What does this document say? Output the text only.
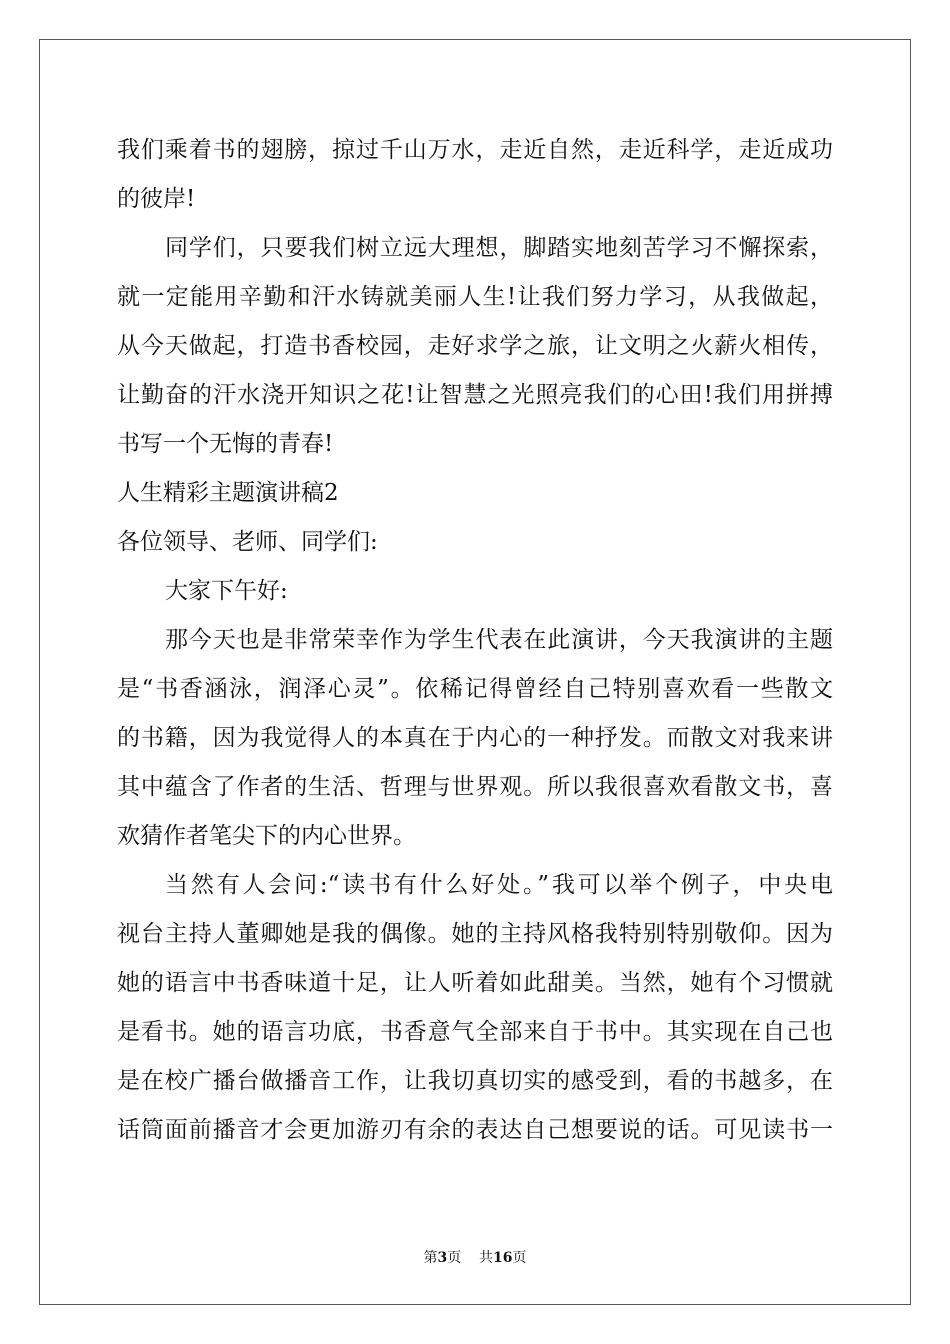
我们乘着书的翅膀，掠过千山万水，走近自然，走近科学，走近成功
的彼岸!
同学们，只要我们树立远大理想，脚踏实地刻苦学习不懈探索，
就一定能用辛勤和汗水铸就美丽人生!让我们努力学习，从我做起，
从今天做起，打造书香校园，走好求学之旅，让文明之火薪火相传，
让勤奋的汗水浇开知识之花!让智慧之光照亮我们的心田!我们用拼搏
书写一个无悔的青春!
人生精彩主题演讲稿2
各位领导、老师、同学们:
大家下午好:
那今天也是非常荣幸作为学生代表在此演讲，今天我演讲的主题
是“书香涵泳，润泽心灵”。依稀记得曾经自己特别喜欢看一些散文
的书籍，因为我觉得人的本真在于内心的一种抒发。而散文对我来讲
其中蕴含了作者的生活、哲理与世界观。所以我很喜欢看散文书，喜
欢猜作者笔尖下的内心世界。
当然有人会问:“读书有什么好处。”我可以举个例子，中央电
视台主持人董卿她是我的偶像。她的主持风格我特别特别敬仰。因为
她的语言中书香味道十足，让人听着如此甜美。当然，她有个习惯就
是看书。她的语言功底，书香意气全部来自于书中。其实现在自己也
是在校广播台做播音工作，让我切真切实的感受到，看的书越多，在
话筒面前播音才会更加游刃有余的表达自己想要说的话。可见读书一
第3页 共16页
